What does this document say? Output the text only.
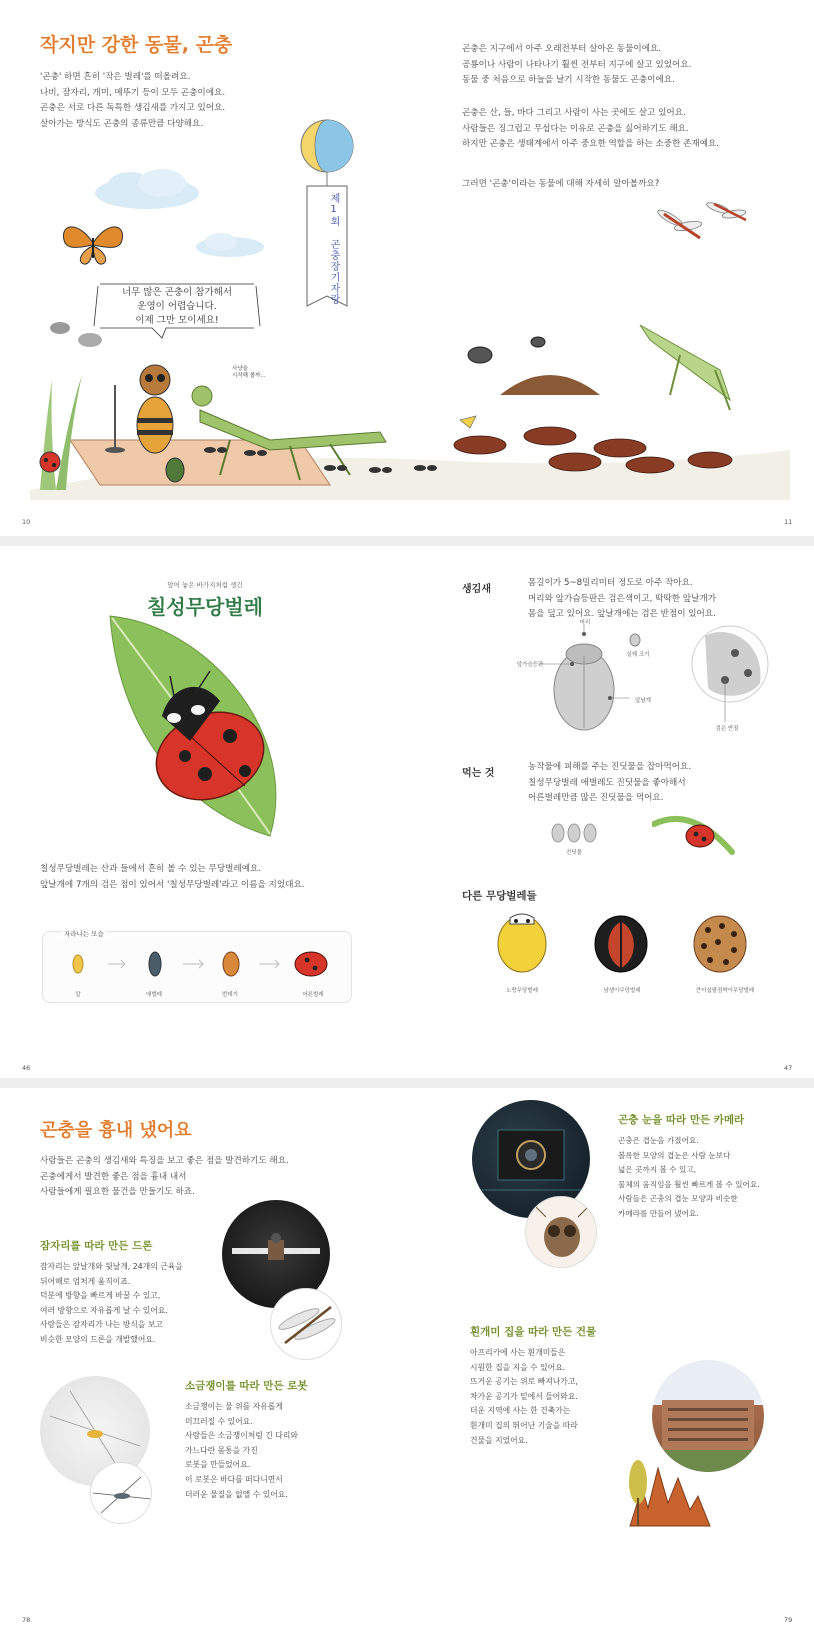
작지만 강한 동물, 곤충

'곤충' 하면 흔히 '작은 벌레'를 떠올려요.

나비, 잠자리, 개미, 메뚜기 등이 모두 곤충이에요.

곤충은 서로 다른 독특한 생김새를 가지고 있어요.

살아가는 방식도 곤충의 종류만큼 다양해요.

곤충은 지구에서 아주 오래전부터 살아온 동물이에요.

공룡이나 사람이 나타나기 훨씬 전부터 지구에 살고 있었어요.

동물 중 처음으로 하늘을 날기 시작한 동물도 곤충이에요.

곤충은 산, 들, 바다 그리고 사람이 사는 곳에도 살고 있어요.

사람들은 징그럽고 무섭다는 이유로 곤충을 싫어하기도 해요.

하지만 곤충은 생태계에서 아주 중요한 역할을 하는 소중한 존재예요.

그러면 '곤충'이라는 동물에 대해 자세히 알아볼까요?

제1회 곤충장기자랑

너무 많은 곤충이 참가해서

운영이 어렵습니다.

이제 그만 모이세요!

사냥을

시작해 볼까...

10	11
앞어 놓은 바가지처럼 생긴
칠성무당벌레

칠성무당벌레는 산과 들에서 흔히 볼 수 있는 무당벌레예요.

앞날개에 7개의 검은 점이 있어서 '칠성무당벌레'라고 이름을 지었대요.

자라나는 모습
알	애벌레	번데기	어른벌레
생김새

몸길이가 5~8밀리미터 정도로 아주 작아요.

머리와 앞가슴등판은 검은색이고, 딱딱한 앞날개가

몸을 덮고 있어요. 앞날개에는 검은 반점이 있어요.

머리
실제 크기
앞가슴등판
앞날개
검은 반점
먹는 것

농작물에 피해를 주는 진딧물을 잡아먹어요.

칠성무당벌레 애벌레도 진딧물을 좋아해서

어른벌레만큼 많은 진딧물을 먹어요.

진딧물
다른 무당벌레들
노랑무당벌레	남생이무당벌레	큰이십팔점박이무당벌레
46	47
곤충을 흉내 냈어요

사람들은 곤충의 생김새와 특징을 보고 좋은 점을 발견하기도 해요.

곤충에게서 발견한 좋은 점을 흉내 내서

사람들에게 필요한 물건을 만들기도 하죠.

잠자리를 따라 만든 드론

잠자리는 앞날개와 뒷날개, 24개의 근육을

뒤어해로 엄처게 움직이죠.

덕분에 방향을 빠르게 바꿀 수 있고,

여러 방향으로 자유롭게 날 수 있어요.

사람들은 잠자리가 나는 방식을 보고

비슷한 모양의 드론을 개발했어요.

소금쟁이를 따라 만든 로봇

소금쟁이는 물 위를 자유롭게

미끄러질 수 있어요.

사람들은 소금쟁이처럼 긴 다리와

가느다란 몸통을 가진

로봇을 만들었어요.

이 로봇은 바다를 떠다니면서

더러운 물질을 없앨 수 있어요.

곤충 눈을 따라 만든 카메라

곤충은 겹눈을 가졌어요.

볼록한 모양의 겹눈은 사람 눈보다

넓은 곳까지 볼 수 있고,

물체의 움직임을 훨씬 빠르게 볼 수 있어요.

사람들은 곤충의 겹눈 모양과 비슷한

카메라를 만들어 냈어요.

흰개미 집을 따라 만든 건물

아프리카에 사는 흰개미들은

시원한 집을 지을 수 있어요.

뜨거운 공기는 위로 빠져나가고,

차가운 공기가 밑에서 들어와요.

더운 지역에 사는 한 건축가는

흰개미 집의 뛰어난 기술을 따라

건물을 지었어요.

78	79
